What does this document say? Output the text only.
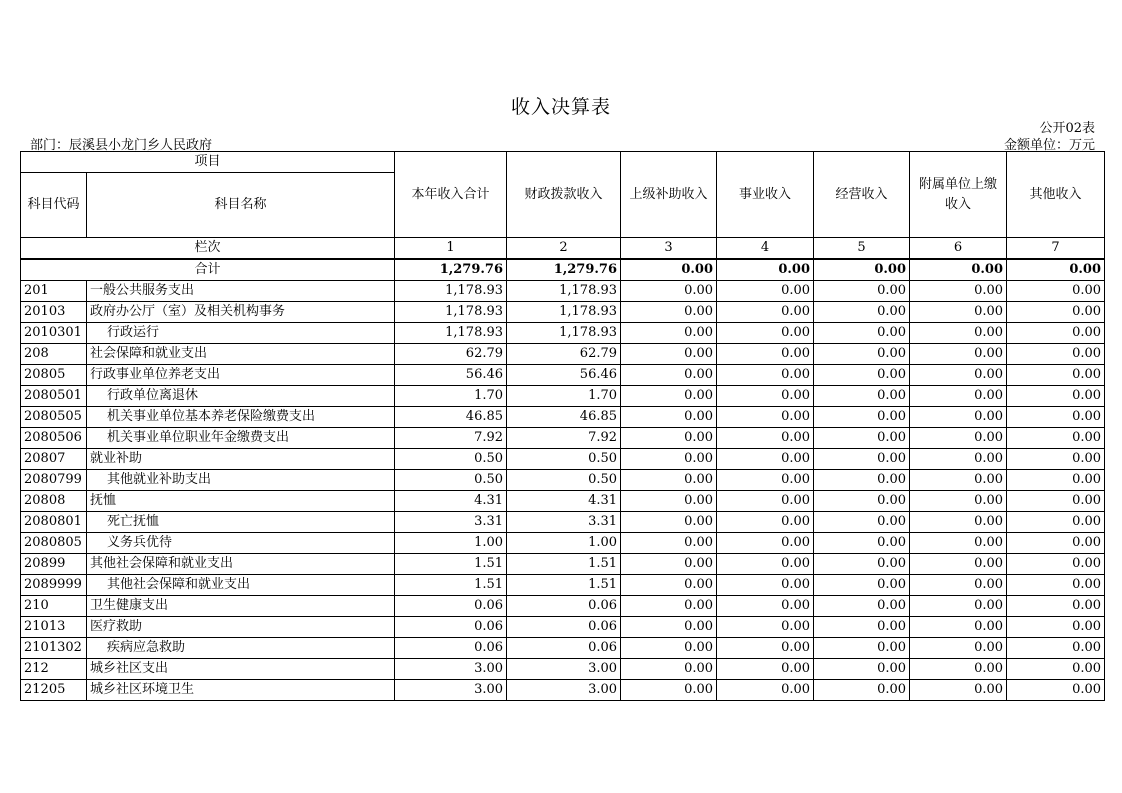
收入决算表
公开02表
部门：辰溪县小龙门乡人民政府	金额单位：万元
项目		本年收入合计	财政拨款收入	上级补助收入	事业收入	经营收入	附属单位上缴收入	其他收入
科目代码	科目名称							
栏次		1	2	3	4	5	6	7
合计		1,279.76	1,279.76	0.00	0.00	0.00	0.00	0.00
201	一般公共服务支出	1,178.93	1,178.93	0.00	0.00	0.00	0.00	0.00
20103	政府办公厅（室）及相关机构事务	1,178.93	1,178.93	0.00	0.00	0.00	0.00	0.00
2010301	行政运行	1,178.93	1,178.93	0.00	0.00	0.00	0.00	0.00
208	社会保障和就业支出	62.79	62.79	0.00	0.00	0.00	0.00	0.00
20805	行政事业单位养老支出	56.46	56.46	0.00	0.00	0.00	0.00	0.00
2080501	行政单位离退休	1.70	1.70	0.00	0.00	0.00	0.00	0.00
2080505	机关事业单位基本养老保险缴费支出	46.85	46.85	0.00	0.00	0.00	0.00	0.00
2080506	机关事业单位职业年金缴费支出	7.92	7.92	0.00	0.00	0.00	0.00	0.00
20807	就业补助	0.50	0.50	0.00	0.00	0.00	0.00	0.00
2080799	其他就业补助支出	0.50	0.50	0.00	0.00	0.00	0.00	0.00
20808	抚恤	4.31	4.31	0.00	0.00	0.00	0.00	0.00
2080801	死亡抚恤	3.31	3.31	0.00	0.00	0.00	0.00	0.00
2080805	义务兵优待	1.00	1.00	0.00	0.00	0.00	0.00	0.00
20899	其他社会保障和就业支出	1.51	1.51	0.00	0.00	0.00	0.00	0.00
2089999	其他社会保障和就业支出	1.51	1.51	0.00	0.00	0.00	0.00	0.00
210	卫生健康支出	0.06	0.06	0.00	0.00	0.00	0.00	0.00
21013	医疗救助	0.06	0.06	0.00	0.00	0.00	0.00	0.00
2101302	疾病应急救助	0.06	0.06	0.00	0.00	0.00	0.00	0.00
212	城乡社区支出	3.00	3.00	0.00	0.00	0.00	0.00	0.00
21205	城乡社区环境卫生	3.00	3.00	0.00	0.00	0.00	0.00	0.00
